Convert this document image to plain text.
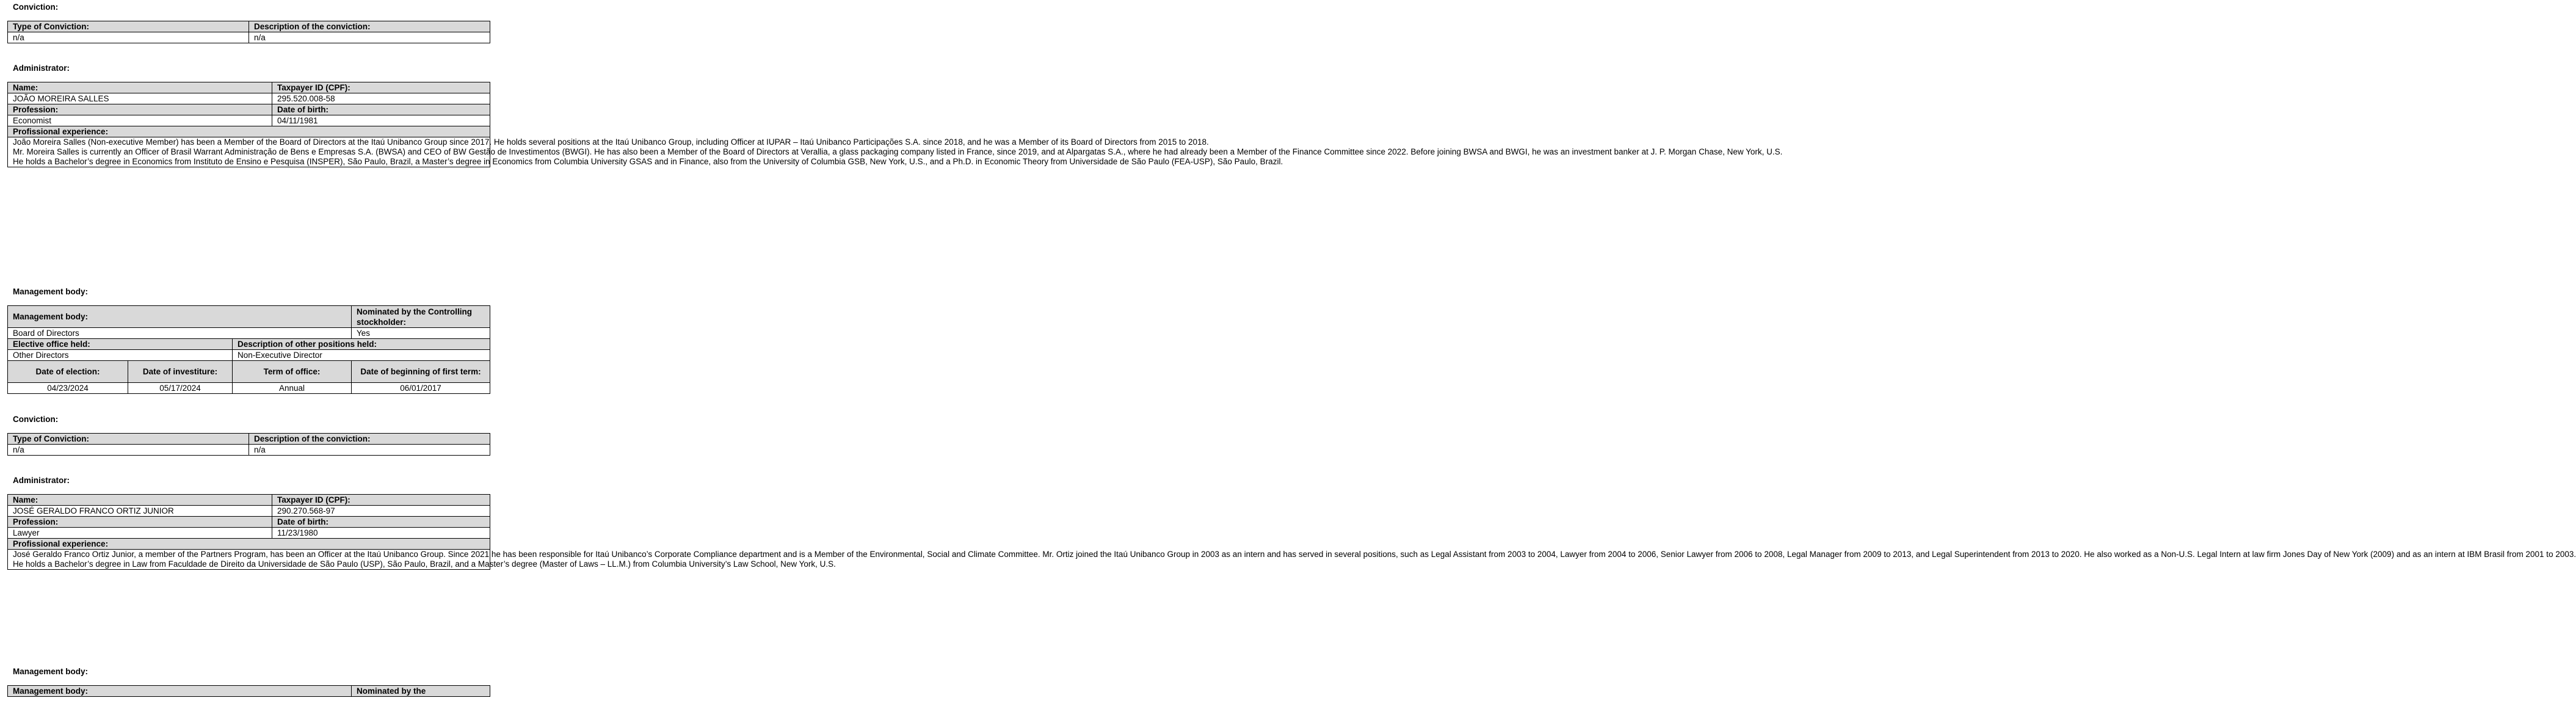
Conviction:
Type of Conviction:	Description of the conviction:
n/a	n/a
Administrator:
Name:	Taxpayer ID (CPF):
JOÃO MOREIRA SALLES	295.520.008-58
Profession:	Date of birth:
Economist	04/11/1981
Profissional experience:	

João Moreira Salles (Non-executive Member) has been a Member of the Board of Directors at the Itaú Unibanco Group since 2017. He holds several positions at the Itaú Unibanco Group, including Officer at IUPAR – Itaú Unibanco Participações S.A. since 2018, and he was a Member of its Board of Directors from 2015 to 2018.

Mr. Moreira Salles is currently an Officer of Brasil Warrant Administração de Bens e Empresas S.A. (BWSA) and CEO of BW Gestão de Investimentos (BWGI). He has also been a Member of the Board of Directors at Verallia, a glass packaging company listed in France, since 2019, and at Alpargatas S.A., where he had already been a Member of the Finance Committee since 2022. Before joining BWSA and BWGI, he was an investment banker at J. P. Morgan Chase, New York, U.S.

He holds a Bachelor’s degree in Economics from Instituto de Ensino e Pesquisa (INSPER), São Paulo, Brazil, a Master’s degree in Economics from Columbia University GSAS and in Finance, also from the University of Columbia GSB, New York, U.S., and a Ph.D. in Economic Theory from Universidade de São Paulo (FEA-USP), São Paulo, Brazil.	

Management body:
Management body:			Nominated by the Controlling stockholder:
Board of Directors			Yes
Elective office held:		Description of other positions held:	
Other Directors		Non-Executive Director	
Date of election:	Date of investiture:	Term of office:	Date of beginning of first term:
04/23/2024	05/17/2024	Annual	06/01/2017
Conviction:
Type of Conviction:	Description of the conviction:
n/a	n/a
Administrator:
Name:	Taxpayer ID (CPF):
JOSÉ GERALDO FRANCO ORTIZ JUNIOR	290.270.568-97
Profession:	Date of birth:
Lawyer	11/23/1980
Profissional experience:	

José Geraldo Franco Ortiz Junior, a member of the Partners Program, has been an Officer at the Itaú Unibanco Group. Since 2021 he has been responsible for Itaú Unibanco’s Corporate Compliance department and is a Member of the Environmental, Social and Climate Committee. Mr. Ortiz joined the Itaú Unibanco Group in 2003 as an intern and has served in several positions, such as Legal Assistant from 2003 to 2004, Lawyer from 2004 to 2006, Senior Lawyer from 2006 to 2008, Legal Manager from 2009 to 2013, and Legal Superintendent from 2013 to 2020. He also worked as a Non-U.S. Legal Intern at law firm Jones Day of New York (2009) and as an intern at IBM Brasil from 2001 to 2003.

He holds a Bachelor’s degree in Law from Faculdade de Direito da Universidade de São Paulo (USP), São Paulo, Brazil, and a Master’s degree (Master of Laws – LL.M.) from Columbia University’s Law School, New York, U.S.	

Management body:
Management body:	Nominated by the
